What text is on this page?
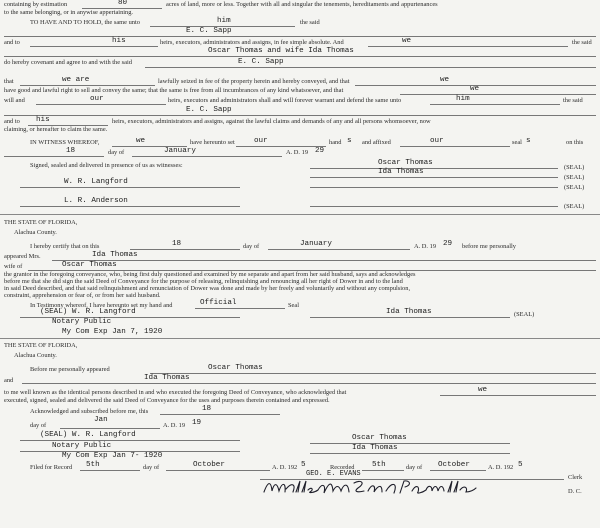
containing by estimation	80	acres of land, more or less. Together with all and singular the tenements, hereditaments and appurtenances
to the same belonging, or in anywise appertaining.
TO HAVE AND TO HOLD, the same unto	him	the said
E. C. Sapp
and to	his	heirs, executors, administrators and assigns, in fee simple absolute. And	we	the said
Oscar Thomas and wife Ida Thomas
do hereby covenant and agree to and with the said	E. C. Sapp
that	we are	lawfully seized in fee of the property herein and hereby conveyed, and that	we
have good and lawful right to sell and convey the same; that the same is free from all incumbrances of any kind whatsoever, and that	we
will and	our	heirs, executors and administrators shall and will forever warrant and defend the same unto	him	the said
E. C. Sapp
and to his	heirs, executors, administrators and assigns, against the lawful claims and demands of any and all persons whomsoever, now
claiming, or hereafter to claim the same.
IN WITNESS WHEREOF,	we	have hereunto set	our	hand s and affixed	our	seal s	on this
18	day of	January	A. D. 19 29
Signed, sealed and delivered in presence of us as witnesses:	Oscar Thomas
(SEAL)
Ida Thomas
(SEAL)
W. R. Langford
(SEAL)
L. R. Anderson
(SEAL)
THE STATE OF FLORIDA,
Alachua County.
I hereby certify that on this	18	day of	January	A. D. 19 29 before me personally
appeared Mrs.	Ida Thomas
wife of	Oscar Thomas
the grantor in the foregoing conveyance, who, being first duly questioned and examined by me separate and apart from her said husband, says and acknowledges
before me that she did sign the said Deed of Conveyance for the purpose of releasing, relinquishing and renouncing all her right of Dower in and to the land
in said Deed described, and that said relinquishment and renunciation of Dower was done and made by her freely and voluntarily and without any compulsion,
constraint, apprehension or fear of, or from her said husband.
In Testimony whereof, I have hereunto set my hand and	Official	Seal
(SEAL) W. R. Langford	Ida Thomas	(SEAL)
Notary Public
My Com Exp Jan 7, 1920
THE STATE OF FLORIDA,
Alachua County.
Before me personally appeared	Oscar Thomas
and	Ida Thomas
to me well known as the identical persons described in and who executed the foregoing Deed of Conveyance, who acknowledged that	we
executed, signed, sealed and delivered the said Deed of Conveyance for the uses and purposes therein contained and expressed.
Acknowledged and subscribed before me, this	18
day of
Jan
A. D. 19 19
(SEAL) W. R. Langford
Notary Public
My Com Exp Jan 7- 1920
Oscar Thomas
Ida Thomas
Filed for Record 5th	day of	October	A. D. 192 5	Recorded 5th	day of October	A. D. 192 5
GEO. E. EVANS	Clerk
D. C.
